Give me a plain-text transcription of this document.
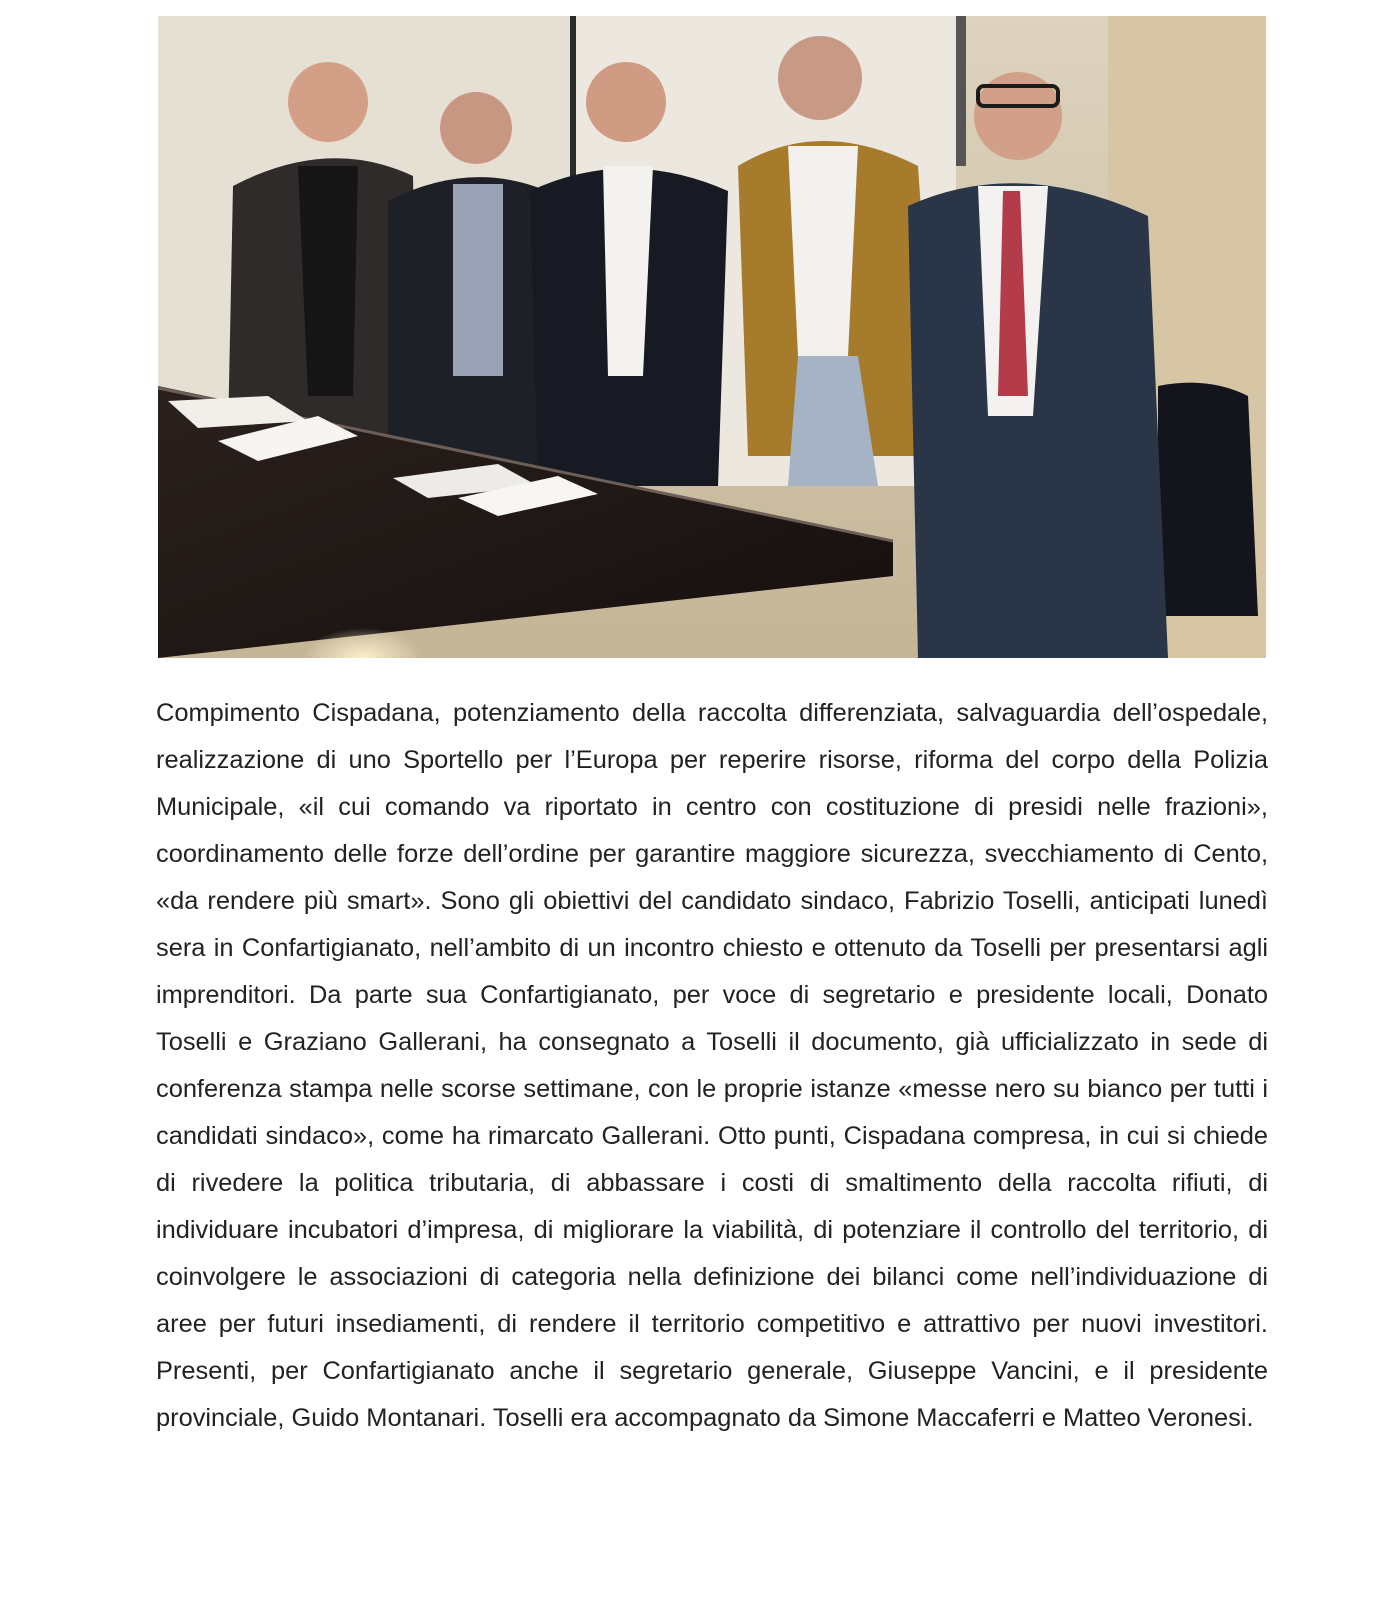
Compimento Cispadana, potenziamento della raccolta differenziata, salvaguardia dell’ospedale, realizzazione di uno Sportello per l’Europa per reperire risorse, riforma del corpo della Polizia Municipale, «il cui comando va riportato in centro con costituzione di presidi nelle frazioni», coordinamento delle forze dell’ordine per garantire maggiore sicurezza, svecchiamento di Cento, «da rendere più smart». Sono gli obiettivi del candidato sindaco, Fabrizio Toselli, anticipati lunedì sera in Confartigianato, nell’ambito di un incontro chiesto e ottenuto da Toselli per presentarsi agli imprenditori. Da parte sua Confartigianato, per voce di segretario e presidente locali, Donato Toselli e Graziano Gallerani, ha consegnato a Toselli il documento, già ufficializzato in sede di conferenza stampa nelle scorse settimane, con le proprie istanze «messe nero su bianco per tutti i candidati sindaco», come ha rimarcato Gallerani. Otto punti, Cispadana compresa, in cui si chiede di rivedere la politica tributaria, di abbassare i costi di smaltimento della raccolta rifiuti, di individuare incubatori d’impresa, di migliorare la viabilità, di potenziare il controllo del territorio, di coinvolgere le associazioni di categoria nella definizione dei bilanci come nell’individuazione di aree per futuri insediamenti, di rendere il territorio competitivo e attrattivo per nuovi investitori. Presenti, per Confartigianato anche il segretario generale, Giuseppe Vancini, e il presidente provinciale, Guido Montanari. Toselli era accompagnato da Simone Maccaferri e Matteo Veronesi.
